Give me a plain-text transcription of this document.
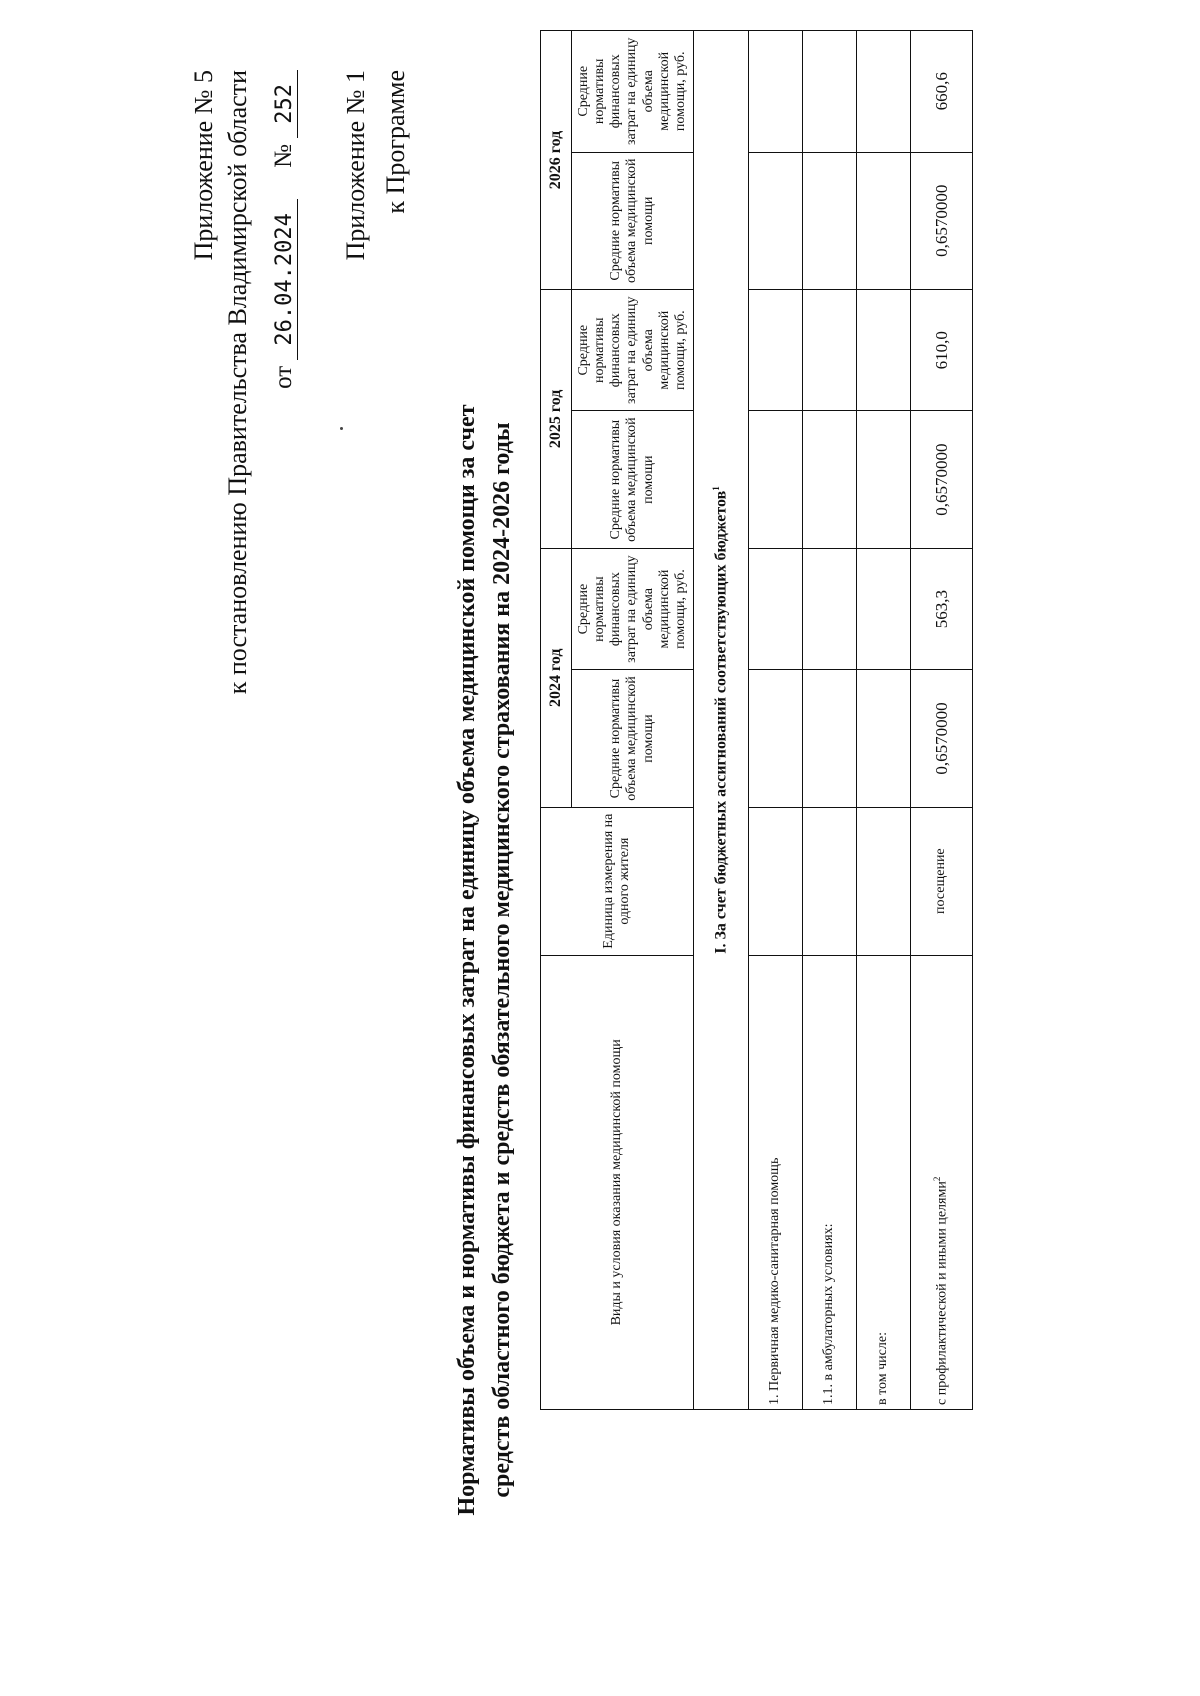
Приложение № 5 к постановлению Правительства Владимирской области от 26.04.2024     № 252 Приложение № 1 к Программе
Нормативы объема и нормативы финансовых затрат на единицу объема медицинской помощи за счет средств областного бюджета и средств обязательного медицинского страхования на 2024-2026 годы	Виды и условия оказания медицинской помощи	Единица измерения на одного жителя	2024 год		2025 год		2026 год	
		Средние нормативы объема медицинской помощи	Средние нормативы финансовых затрат на единицу объема медицинской помощи, руб.	Средние нормативы объема медицинской помощи	Средние нормативы финансовых затрат на единицу объема медицинской помощи, руб.	Средние нормативы объема медицинской помощи	Средние нормативы финансовых затрат на единицу объема медицинской помощи, руб.
I. За счет бюджетных ассигнований соответствующих бюджетов$^1$
1. Первичная медико-санитарная помощь							
1.1. в амбулаторных условиях:							
в том числе:							
с профилактической и иными целями$^2$	посещение	0,6570000	563,3	0,6570000	610,0	0,6570000	660,6
